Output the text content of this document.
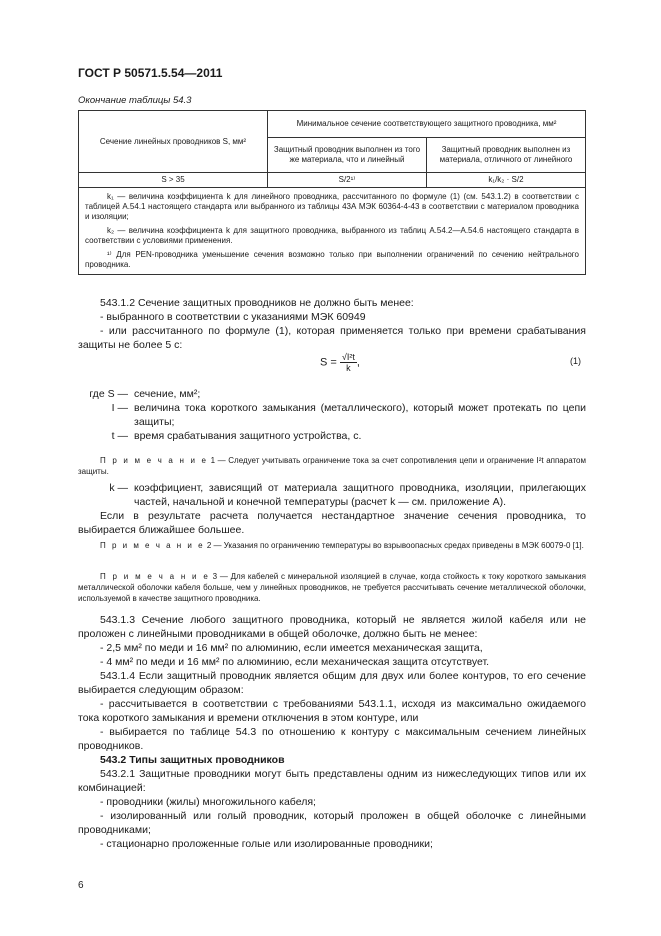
ГОСТ Р 50571.5.54—2011
Окончание таблицы 54.3
Сечение линейных проводников S, мм²	Минимальное сечение соответствующего защитного проводника, мм²	
	Защитный проводник выполнен из того же материала, что и линейный	Защитный проводник выполнен из материала, отличного от линейного
S > 35	S/2¹⁾	k₁/k₂ · S/2

k₁ — величина коэффициента k для линейного проводника, рассчитанного по формуле (1) (см. 543.1.2) в соответствии с таблицей А.54.1 настоящего стандарта или выбранного из таблицы 43А МЭК 60364-4-43 в соответствии с материалом проводника и изоляции;

k₂ — величина коэффициента k для защитного проводника, выбранного из таблиц А.54.2—А.54.6 настоящего стандарта в соответствии с условиями применения.

¹⁾ Для PEN-проводника уменьшение сечения возможно только при выполнении ограничений по сечению нейтрального проводника.		

543.1.2 Сечение защитных проводников не должно быть менее:

- выбранного в соответствии с указаниями МЭК 60949

- или рассчитанного по формуле (1), которая применяется только при времени срабатывания защиты не более 5 с:

$S = \frac{\text{√I²t}}{k}$ ,	(1)
где S — сечение, мм²;
I — величина тока короткого замыкания (металлического), который может протекать по цепи защиты;
t — время срабатывания защитного устройства, с.

П р и м е ч а н и е 1 — Следует учитывать ограничение тока за счет сопротивления цепи и ограничение I²t аппаратом защиты.

k — коэффициент, зависящий от материала защитного проводника, изоляции, прилегающих частей, начальной и конечной температуры (расчет k — см. приложение А).

Если в результате расчета получается нестандартное значение сечения проводника, то выбирается ближайшее большее.

П р и м е ч а н и е 2 — Указания по ограничению температуры во взрывоопасных средах приведены в МЭК 60079-0 [1].

П р и м е ч а н и е 3 — Для кабелей с минеральной изоляцией в случае, когда стойкость к току короткого замыкания металлической оболочки кабеля больше, чем у линейных проводников, не требуется рассчитывать сечение металлической оболочки, используемой в качестве защитного проводника.

543.1.3 Сечение любого защитного проводника, который не является жилой кабеля или не проложен с линейными проводниками в общей оболочке, должно быть не менее:

- 2,5 мм² по меди и 16 мм² по алюминию, если имеется механическая защита,

- 4 мм² по меди и 16 мм² по алюминию, если механическая защита отсутствует.

543.1.4 Если защитный проводник является общим для двух или более контуров, то его сечение выбирается следующим образом:

- рассчитывается в соответствии с требованиями 543.1.1, исходя из максимально ожидаемого тока короткого замыкания и времени отключения в этом контуре, или

- выбирается по таблице 54.3 по отношению к контуру с максимальным сечением линейных проводников.

543.2 Типы защитных проводников

543.2.1 Защитные проводники могут быть представлены одним из нижеследующих типов или их комбинацией:

- проводники (жилы) многожильного кабеля;

- изолированный или голый проводник, который проложен в общей оболочке с линейными проводниками;

- стационарно проложенные голые или изолированные проводники;

6
